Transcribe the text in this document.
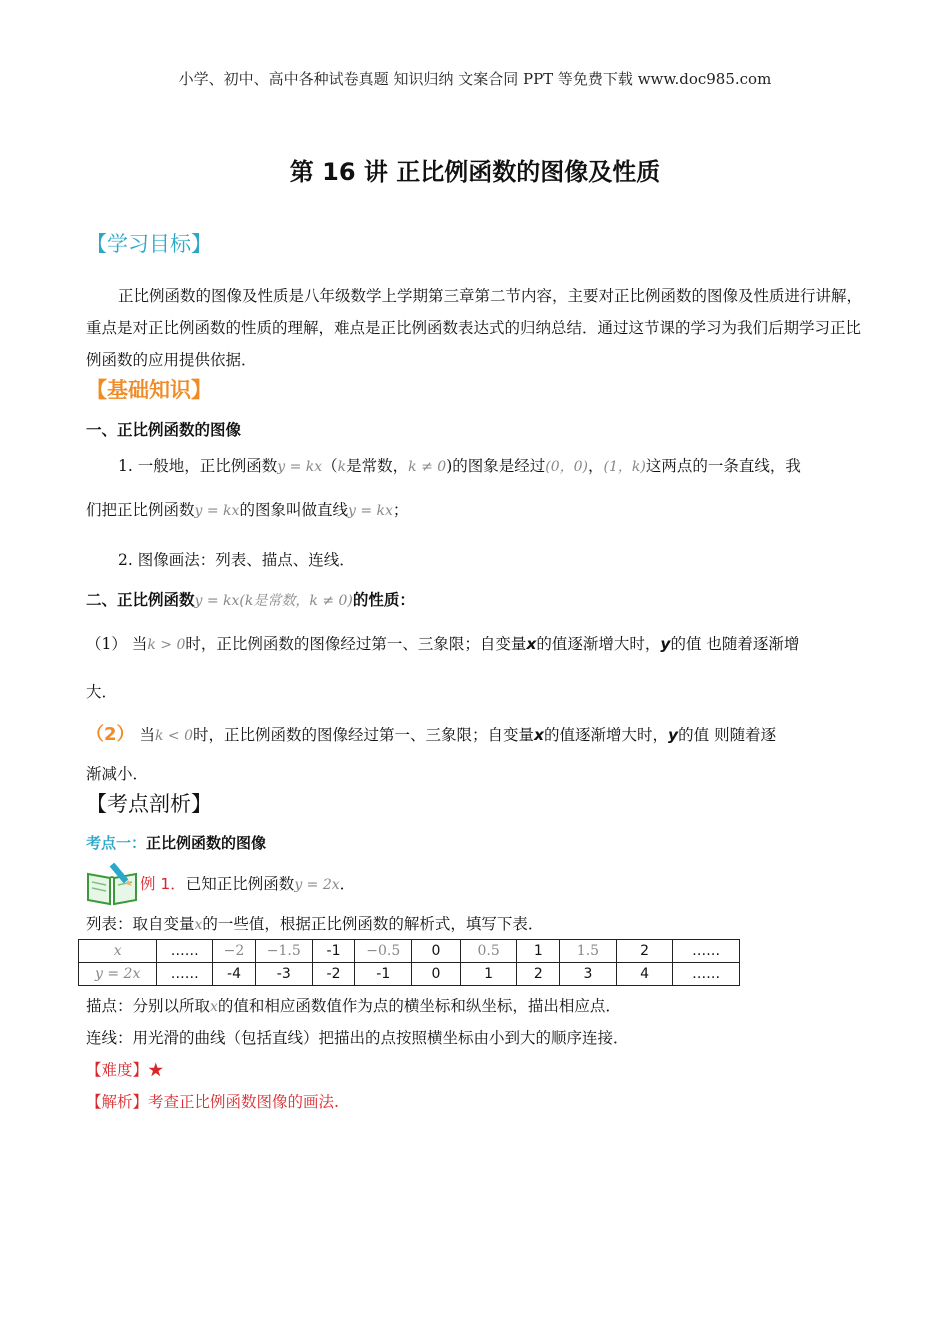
小学、初中、高中各种试卷真题 知识归纳 文案合同 PPT 等免费下载 www.doc985.com
第 16 讲 正比例函数的图像及性质
【学习目标】
正比例函数的图像及性质是八年级数学上学期第三章第二节内容，主要对正比例函数的图像及性质进行讲解，重点是对正比例函数的性质的理解，难点是正比例函数表达式的归纳总结．通过这节课的学习为我们后期学习正比例函数的应用提供依据．
【基础知识】
一、正比例函数的图像
1. 一般地，正比例函数y = kx（k是常数，k ≠ 0)的图象是经过(0，0)，(1，k)这两点的一条直线，我
们把正比例函数y = kx的图象叫做直线y = kx；
2. 图像画法：列表、描点、连线．
二、正比例函数y = kx(k是常数，k ≠ 0)的性质：
（1） 当k > 0时，正比例函数的图像经过第一、三象限；自变量x的值逐渐增大时，y的值 也随着逐渐增
大．
（2） 当k < 0时，正比例函数的图像经过第一、三象限；自变量x的值逐渐增大时，y的值 则随着逐
渐减小．
【考点剖析】
考点一：正比例函数的图像
例 1．已知正比例函数y = 2x．
列表：取自变量x的一些值，根据正比例函数的解析式，填写下表．
x	……	−2	−1.5	-1	−0.5	0	0.5	1	1.5	2	……
y = 2x	……	-4	-3	-2	-1	0	1	2	3	4	……
描点：分别以所取x的值和相应函数值作为点的横坐标和纵坐标，描出相应点．
连线：用光滑的曲线（包括直线）把描出的点按照横坐标由小到大的顺序连接．
【难度】★
【解析】考查正比例函数图像的画法.
